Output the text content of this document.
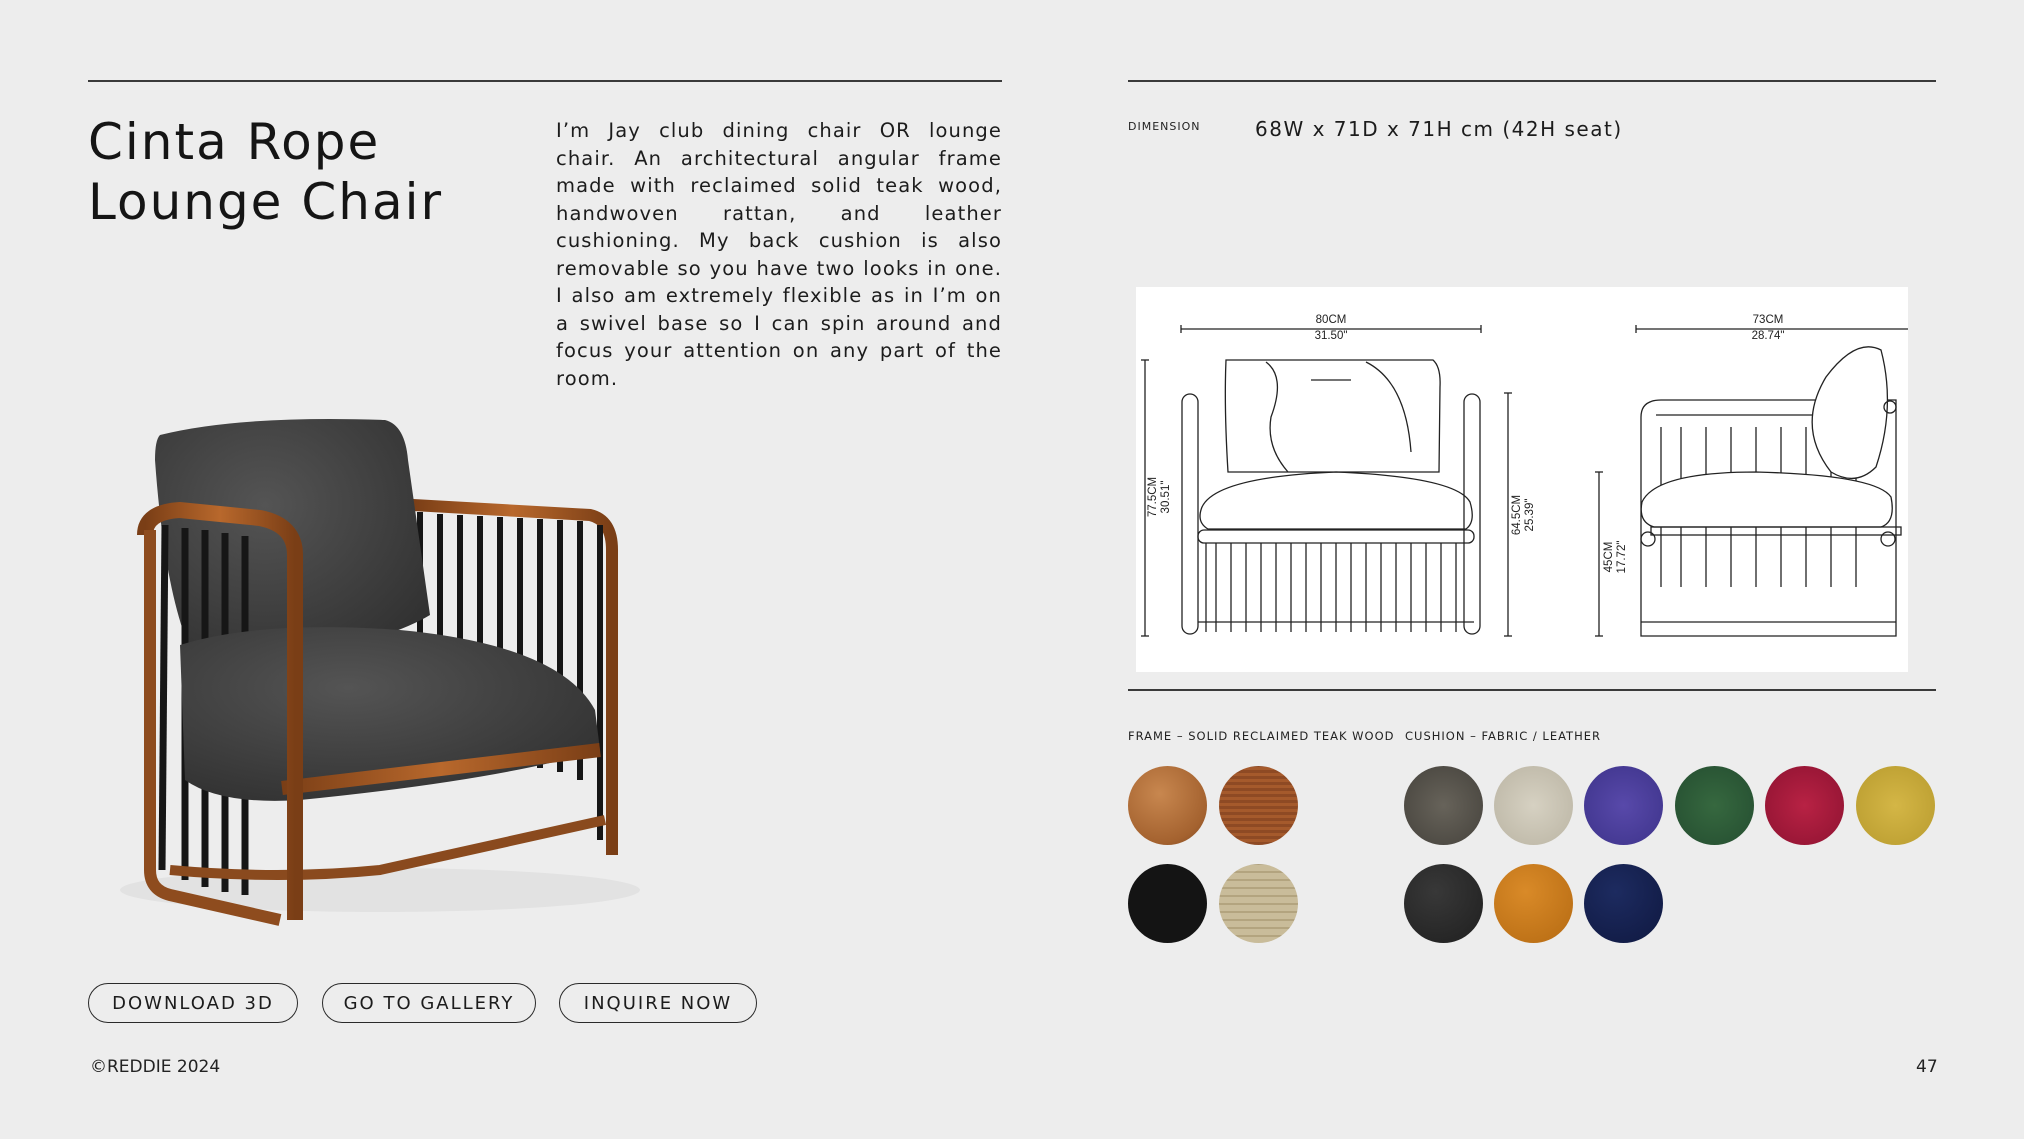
Cinta Rope
Lounge Chair

I’m Jay club dining chair OR lounge chair. An architectural angular frame made with reclaimed solid teak wood, handwoven rattan, and leather cushioning. My back cushion is also removable so you have two looks in one. I also am extremely flexible as in I’m on a swivel base so I can spin around and focus your attention on any part of the room.

DOWNLOAD 3D	GO TO GALLERY	INQUIRE NOW
©REDDIE 2024
DIMENSION	68W x 71D x 71H cm (42H seat)
80CM
31.50"
73CM
28.74"
77.5CM 30.51"	64.5CM 25.39"
45CM 17.72"
FRAME – SOLID RECLAIMED TEAK WOOD CUSHION – FABRIC / LEATHER
47
